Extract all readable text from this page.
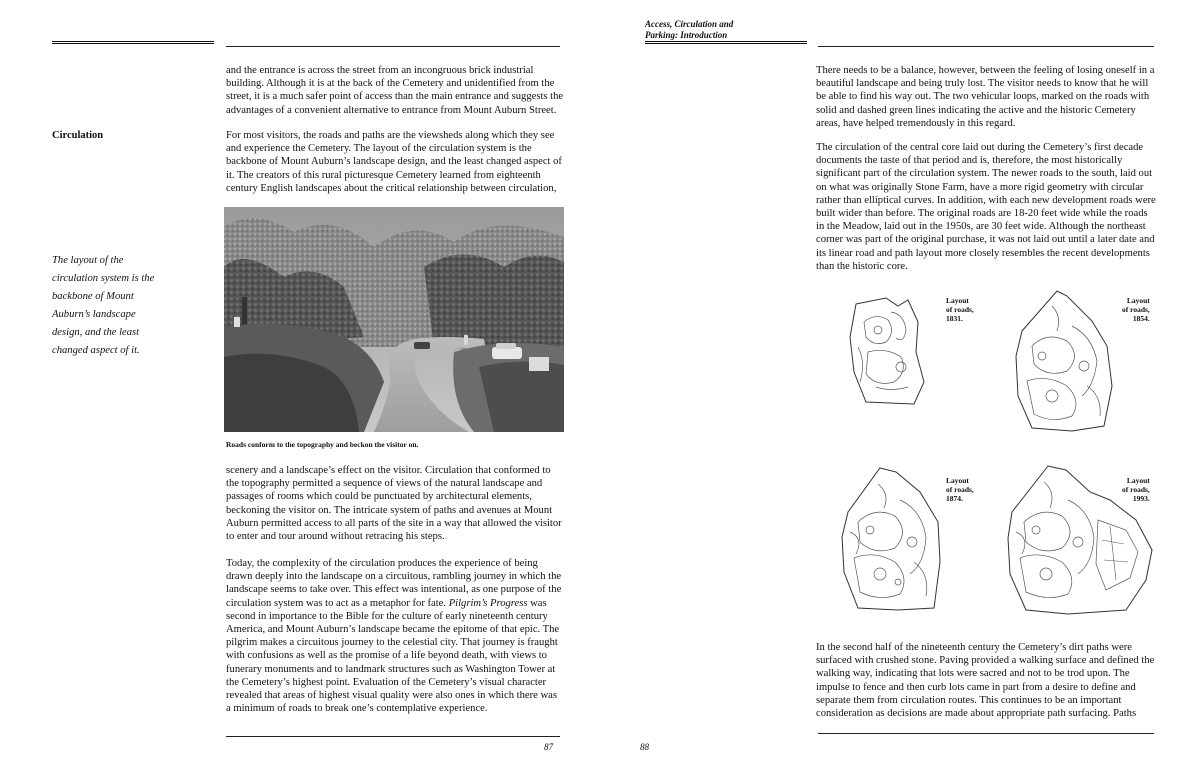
and the entrance is across the street from an incongruous brick industrial building. Although it is at the back of the Cemetery and unidentified from the street, it is a much safer point of access than the main entrance and suggests the advantages of a convenient alternative to entrance from Mount Auburn Street.

Circulation	For most visitors, the roads and paths are the viewsheds along which they see and experience the Cemetery. The layout of the circulation system is the backbone of Mount Auburn’s landscape design, and the least changed aspect of it. The creators of this rural picturesque Cemetery learned from eighteenth century English landscapes about the critical relationship between circulation,

The layout of the
circulation system is the
backbone of Mount
Auburn’s landscape
design, and the least
changed aspect of it.
Roads conform to the topography and beckon the visitor on.

scenery and a landscape’s effect on the visitor. Circulation that conformed to the topography permitted a sequence of views of the natural landscape and passages of rooms which could be punctuated by architectural elements, beckoning the visitor on. The intricate system of paths and avenues at Mount Auburn permitted access to all parts of the site in a way that allowed the visitor to enter and tour around without retracing his steps.

Today, the complexity of the circulation produces the experience of being drawn deeply into the landscape on a circuitous, rambling journey in which the landscape seems to take over. This effect was intentional, as one purpose of the circulation system was to act as a metaphor for fate. Pilgrim’s Progress was second in importance to the Bible for the culture of early nineteenth century America, and Mount Auburn’s landscape became the epitome of that epic. The pilgrim makes a circuitous journey to the celestial city. That journey is fraught with confusions as well as the promise of a life beyond death, with views to funerary monuments and to landmark structures such as Washington Tower at the Cemetery’s highest point. Evaluation of the Cemetery’s visual character revealed that areas of highest visual quality were also ones in which there was a minimum of roads to break one’s contemplative experience.

87
Access, Circulation and
Parking: Introduction

There needs to be a balance, however, between the feeling of losing oneself in a beautiful landscape and being truly lost. The visitor needs to know that he will be able to find his way out. The two vehicular loops, marked on the roads with solid and dashed green lines indicating the active and the historic Cemetery areas, have helped tremendously in this regard.

The circulation of the central core laid out during the Cemetery’s first decade documents the taste of that period and is, therefore, the most historically significant part of the circulation system. The newer roads to the south, laid out on what was originally Stone Farm, have a more rigid geometry with circular rather than elliptical curves. In addition, with each new development roads were built wider than before. The original roads are 18-20 feet wide while the roads in the Meadow, laid out in the 1950s, are 30 feet wide. Although the northeast corner was part of the original purchase, it was not laid out until a later date and its linear road and path layout more closely resembles the recent developments than the historic core.

Layout
of roads,
1831.
Layout
of roads,
1854.
Layout
of roads,
1874.
Layout
of roads,
1993.

In the second half of the nineteenth century the Cemetery’s dirt paths were surfaced with crushed stone. Paving provided a walking surface and defined the walking way, indicating that lots were sacred and not to be trod upon. The impulse to fence and then curb lots came in part from a desire to define and separate them from circulation routes. This continues to be an important consideration as decisions are made about appropriate path surfacing. Paths

88
